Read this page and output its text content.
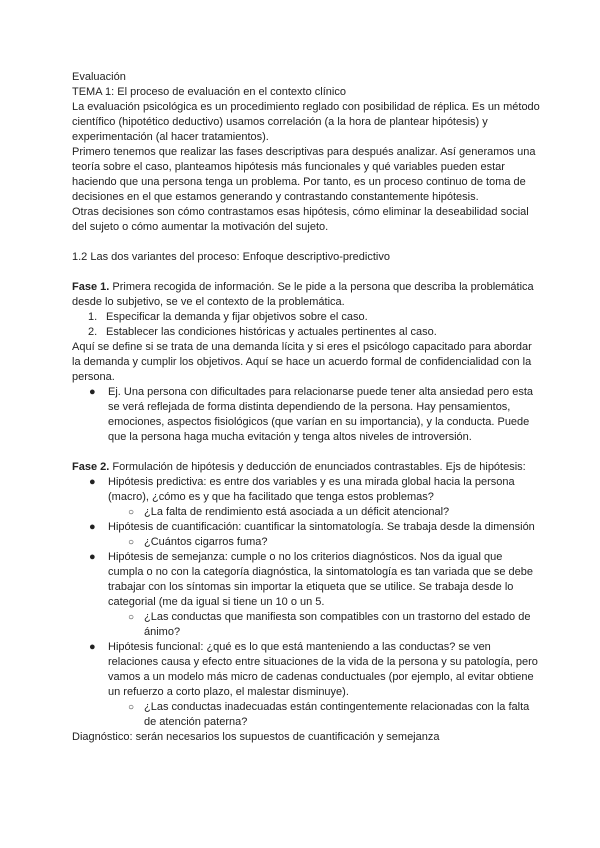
Evaluación
TEMA 1: El proceso de evaluación en el contexto clínico
La evaluación psicológica es un procedimiento reglado con posibilidad de réplica. Es un método científico (hipotético deductivo) usamos correlación (a la hora de plantear hipótesis) y experimentación (al hacer tratamientos).
Primero tenemos que realizar las fases descriptivas para después analizar. Así generamos una teoría sobre el caso, planteamos hipótesis más funcionales y qué variables pueden estar haciendo que una persona tenga un problema. Por tanto, es un proceso continuo de toma de decisiones en el que estamos generando y contrastando constantemente hipótesis.
Otras decisiones son cómo contrastamos esas hipótesis, cómo eliminar la deseabilidad social del sujeto o cómo aumentar la motivación del sujeto.
1.2 Las dos variantes del proceso: Enfoque descriptivo-predictivo
Fase 1. Primera recogida de información. Se le pide a la persona que describa la problemática desde lo subjetivo, se ve el contexto de la problemática.
1. Especificar la demanda y fijar objetivos sobre el caso.
2. Establecer las condiciones históricas y actuales pertinentes al caso.
Aquí se define si se trata de una demanda lícita y si eres el psicólogo capacitado para abordar la demanda y cumplir los objetivos. Aquí se hace un acuerdo formal de confidencialidad con la persona.
● Ej. Una persona con dificultades para relacionarse puede tener alta ansiedad pero esta se verá reflejada de forma distinta dependiendo de la persona. Hay pensamientos, emociones, aspectos fisiológicos (que varían en su importancia), y la conducta. Puede que la persona haga mucha evitación y tenga altos niveles de introversión.
Fase 2. Formulación de hipótesis y deducción de enunciados contrastables. Ejs de hipótesis:
● Hipótesis predictiva: es entre dos variables y es una mirada global hacia la persona (macro), ¿cómo es y que ha facilitado que tenga estos problemas?
○ ¿La falta de rendimiento está asociada a un déficit atencional?
● Hipótesis de cuantificación: cuantificar la sintomatología. Se trabaja desde la dimensión
○ ¿Cuántos cigarros fuma?
● Hipótesis de semejanza: cumple o no los criterios diagnósticos. Nos da igual que cumpla o no con la categoría diagnóstica, la sintomatología es tan variada que se debe trabajar con los síntomas sin importar la etiqueta que se utilice. Se trabaja desde lo categorial (me da igual si tiene un 10 o un 5.
○ ¿Las conductas que manifiesta son compatibles con un trastorno del estado de ánimo?
● Hipótesis funcional: ¿qué es lo que está manteniendo a las conductas? se ven relaciones causa y efecto entre situaciones de la vida de la persona y su patología, pero vamos a un modelo más micro de cadenas conductuales (por ejemplo, al evitar obtiene un refuerzo a corto plazo, el malestar disminuye).
○ ¿Las conductas inadecuadas están contingentemente relacionadas con la falta de atención paterna?
Diagnóstico: serán necesarios los supuestos de cuantificación y semejanza
